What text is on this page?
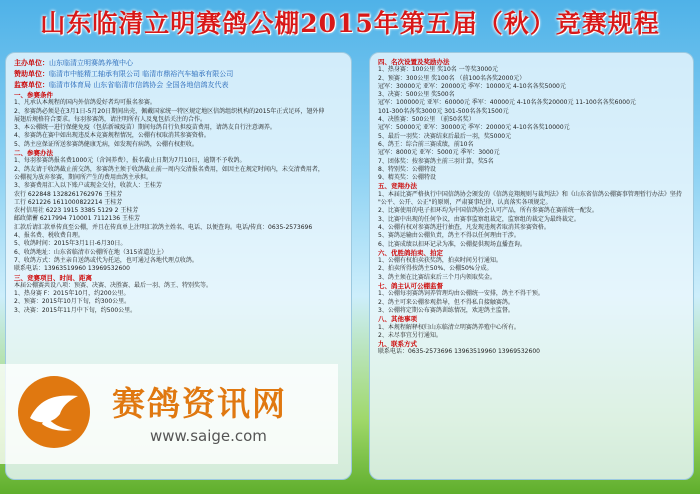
山东临清立明赛鸽公棚2015年第五届（秋）竞赛规程
主办单位：山东临清立明赛鸽养殖中心
赞助单位：临清市中能精工轴承有限公司 临清市鼎裕汽车轴承有限公司
监察单位：临清市体育局 山东省临清市信鸽协会 全国各地信鸽友代表

一、参赛条件

1、凡承认本规程的国内外信鸽爱好者均可报名参赛。

2、参赛鸽必须是在3月1日-5月20日期间出壳，佩戴国家统一特区规定地区信鸽组织机构的2015年正式足环，翅外伸

展翅后规格符合要求。每羽参赛鸽，请注明所有人及鬼包括关注的合作。

3、本公棚统一进行保健免疫（包括新城疫苗）期间每鸽自行负担疫苗费用，请鸽友自行注意调养。

4、参赛鸽在赛中如出现违反本竞赛规程情况，公棚有权取消其参赛资格。

5、鸽主应保证所送参赛鸽健康无病，如发现有病鸽，公棚有权拒收。

二、参赛办法

1、每羽参赛鸽报名费1000元（含饲养费），报名截止日期为7月10日，逾期不予收鸽。

2、鸽友请于收鸽截止前交鸽，参赛鸽主须于收鸽截止前一周内交清报名费用，如因主在规定时间内，未交清费用者，

公棚视为放弃参赛，期间所产生的费用由鸽主承担。

3、参赛费用汇入以下账户或现金交付，收款人：王桂芳

农行 622848 1328261762976 王桂芳

工行 621226 1611000822214 王桂芳

农村信用社 6223 1915 3385 5129 2 王桂芳

邮政储蓄 6217994 710001 7112136 王桂芳

汇款后请汇款单传真至公棚，并且在传真单上注明汇款鸽主姓名、电话、以便查询。电话/传真：0635-2573696

4、报名费、税收费自理。

5、收鸽时间：2015年3月1日-6月30日。

6、收鸽地址：山东省临清市公棚所在地（315省道边上）

7、收鸽方式：鸽主亲自送鸽或代为托运，也可通过各地代理点收鸽。

联系电话：13963519960 13969532600

三、竞赛项目、时间、距离

本届公棚赛共设八项：预赛、决赛、决胜赛、最后一羽、鸽王、特别奖等。

1、热身赛 F：2015年10月，约200公里。

2、预赛：2015年10月下旬，约300公里。

3、决赛：2015年11月中下旬，约500公里。

四、名次设置及奖励办法

1、热身赛：100公里 奖10名 一等奖3000元

2、预赛：300公里 奖100名 （前100名各奖2000元）

冠军：30000元 亚军：20000元 季军：10000元 4-10名各奖5000元

3、决赛：500公里 奖500名

冠军：100000元 亚军：60000元 季军：40000元 4-10名各奖20000元 11-100名各奖6000元

101-300名各奖3000元 301-500名各奖1500元

4、决胜赛：500公里 （前50名奖）

冠军：50000元 亚军：30000元 季军：20000元 4-10名各奖10000元

5、最后一羽奖：决赛结束后最后一羽，奖5000元

6、鸽王：综合前三赛成绩，前10名

冠军：8000元 亚军：5000元 季军：3000元

7、团体奖：按参赛鸽主前三羽计算，奖5名

8、特别奖：公棚特设

9、精英奖：公棚特设

五、竞翔办法

1、本届比赛严格执行中国信鸽协会颁发的《信鸽竞翔规则与裁判法》和《山东省信鸽公棚赛事管理暂行办法》坚持

"公平、公开、公正"的原则，严肃赛事纪律，认真落实各项规定。

2、比赛使用的电子扣环均为中国信鸽协会认可产品，所有参赛鸽在赛前统一配发。

3、比赛中出现的任何争议，由赛事监察组裁定，监察组的裁定为最终裁定。

4、公棚有权对参赛鸽进行抽查，凡发现违规者取消其参赛资格。

5、赛鸽运输由公棚负责，鸽主不得以任何理由干涉。

6、比赛成绩以扣环记录为准，公棚提供现场直播查询。

六、优胜鸽拍卖、拍定

1、公棚有权拍卖获奖鸽，拍卖时间另行通知。

2、拍卖所得按鸽主50%、公棚50%分成。

3、鸽主须在比赛结束后三个月内领取奖金。

七、鸽主认可公棚监督

1、公棚每羽赛鸽饲养管理均由公棚统一安排，鸽主不得干预。

2、鸽主可来公棚参观指导，但不得私自接触赛鸽。

3、公棚将定期公布赛鸽训练情况，欢迎鸽主监督。

八、其他事项

1、本规程解释权归山东临清立明赛鸽养殖中心所有。

2、未尽事宜另行通知。

九、联系方式

联系电话：0635-2573696 13963519960 13969532600

赛鸽资讯网
www.saige.com
